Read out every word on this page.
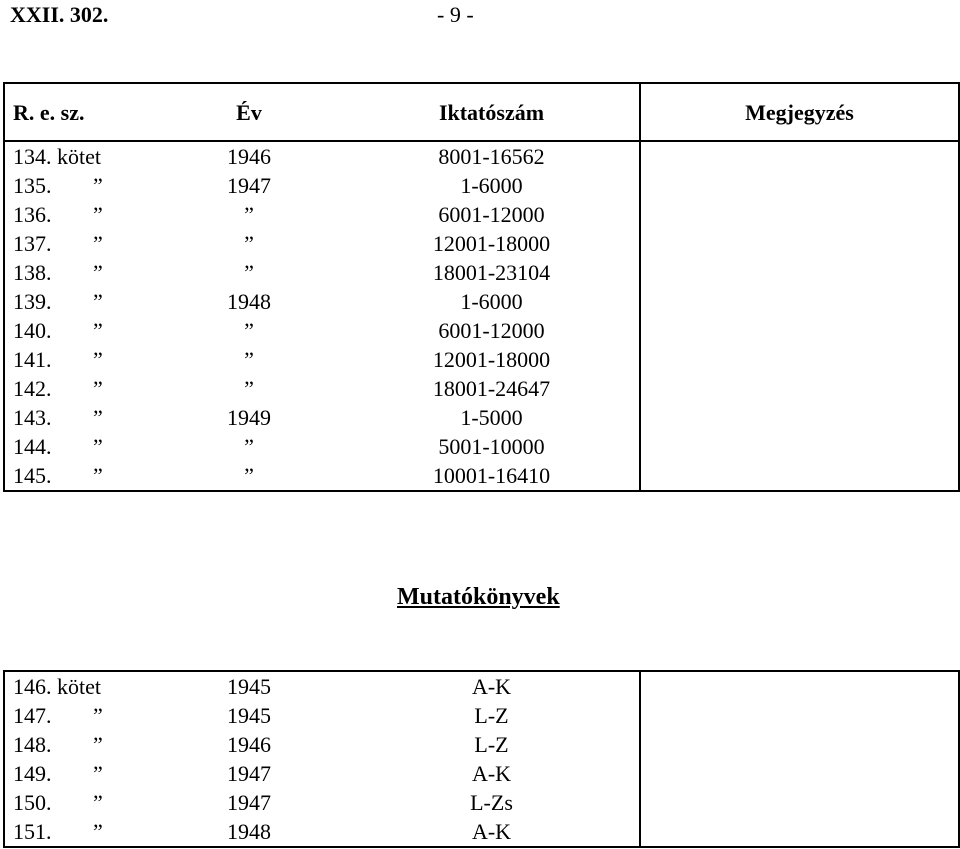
XXII. 302.	- 9 -
R. e. sz.	Év	Iktatószám	Megjegyzés
134. kötet	1946	8001-16562	
135. ”	1947	1-6000	
136. ”	”	6001-12000	
137. ”	”	12001-18000	
138. ”	”	18001-23104	
139. ”	1948	1-6000	
140. ”	”	6001-12000	
141. ”	”	12001-18000	
142. ”	”	18001-24647	
143. ”	1949	1-5000	
144. ”	”	5001-10000	
145. ”	”	10001-16410	
Mutatókönyvek
146. kötet	1945	A-K	
147. ”	1945	L-Z	
148. ”	1946	L-Z	
149. ”	1947	A-K	
150. ”	1947	L-Zs	
151. ”	1948	A-K	
